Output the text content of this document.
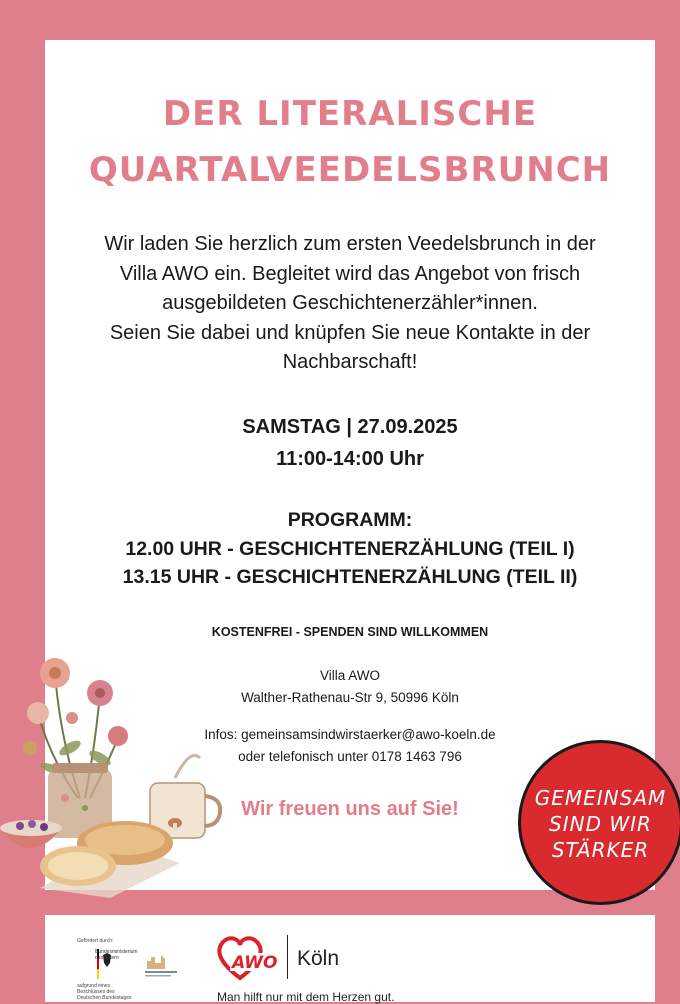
DER LITERALISCHE
QUARTALVEEDELSBRUNCH
Wir laden Sie herzlich zum ersten Veedelsbrunch in der
Villa AWO ein. Begleitet wird das Angebot von frisch
ausgebildeten Geschichtenerzähler*innen.
Seien Sie dabei und knüpfen Sie neue Kontakte in der
Nachbarschaft!
SAMSTAG | 27.09.2025
11:00-14:00 Uhr
PROGRAMM:
12.00 UHR - GESCHICHTENERZÄHLUNG (TEIL I)
13.15 UHR - GESCHICHTENERZÄHLUNG (TEIL II)
KOSTENFREI - SPENDEN SIND WILLKOMMEN
Villa AWO
Walther-Rathenau-Str 9, 50996 Köln
Infos: gemeinsamsindwirstaerker@awo-koeln.de
oder telefonisch unter 0178 1463 796
Wir freuen uns auf Sie!	GEMEINSAM
SIND WIR
STÄRKER
Gefördert durch:
Bundesministerium des Innern
aufgrund eines Beschlusses des Deutschen Bundestages
AWO Köln
Man hilft nur mit dem Herzen gut.
